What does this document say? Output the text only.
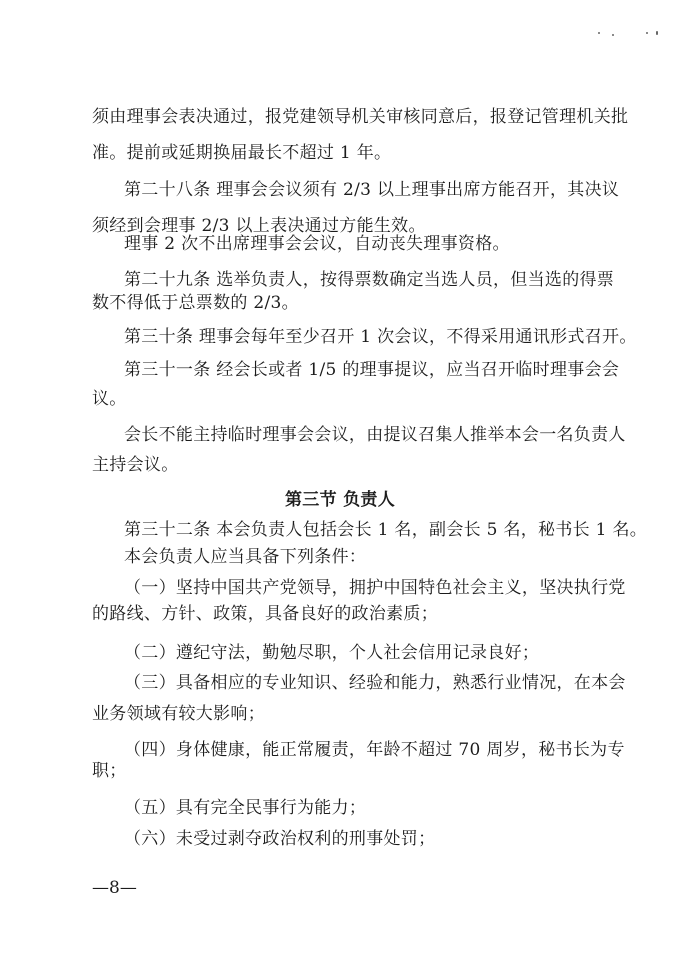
须由理事会表决通过，报党建领导机关审核同意后，报登记管理机关批
准。提前或延期换届最长不超过 1 年。
第二十八条 理事会会议须有 2/3 以上理事出席方能召开，其决议
须经到会理事 2/3 以上表决通过方能生效。
理事 2 次不出席理事会会议，自动丧失理事资格。
第二十九条 选举负责人，按得票数确定当选人员，但当选的得票
数不得低于总票数的 2/3。
第三十条 理事会每年至少召开 1 次会议，不得采用通讯形式召开。
第三十一条 经会长或者 1/5 的理事提议，应当召开临时理事会会
议。
会长不能主持临时理事会会议，由提议召集人推举本会一名负责人
主持会议。
第三节 负责人
第三十二条 本会负责人包括会长 1 名，副会长 5 名，秘书长 1 名。
本会负责人应当具备下列条件：
（一）坚持中国共产党领导，拥护中国特色社会主义，坚决执行党
的路线、方针、政策，具备良好的政治素质；
（二）遵纪守法，勤勉尽职，个人社会信用记录良好；
（三）具备相应的专业知识、经验和能力，熟悉行业情况，在本会
业务领域有较大影响；
（四）身体健康，能正常履责，年龄不超过 70 周岁，秘书长为专
职；
（五）具有完全民事行为能力；
（六）未受过剥夺政治权利的刑事处罚；
—8—
